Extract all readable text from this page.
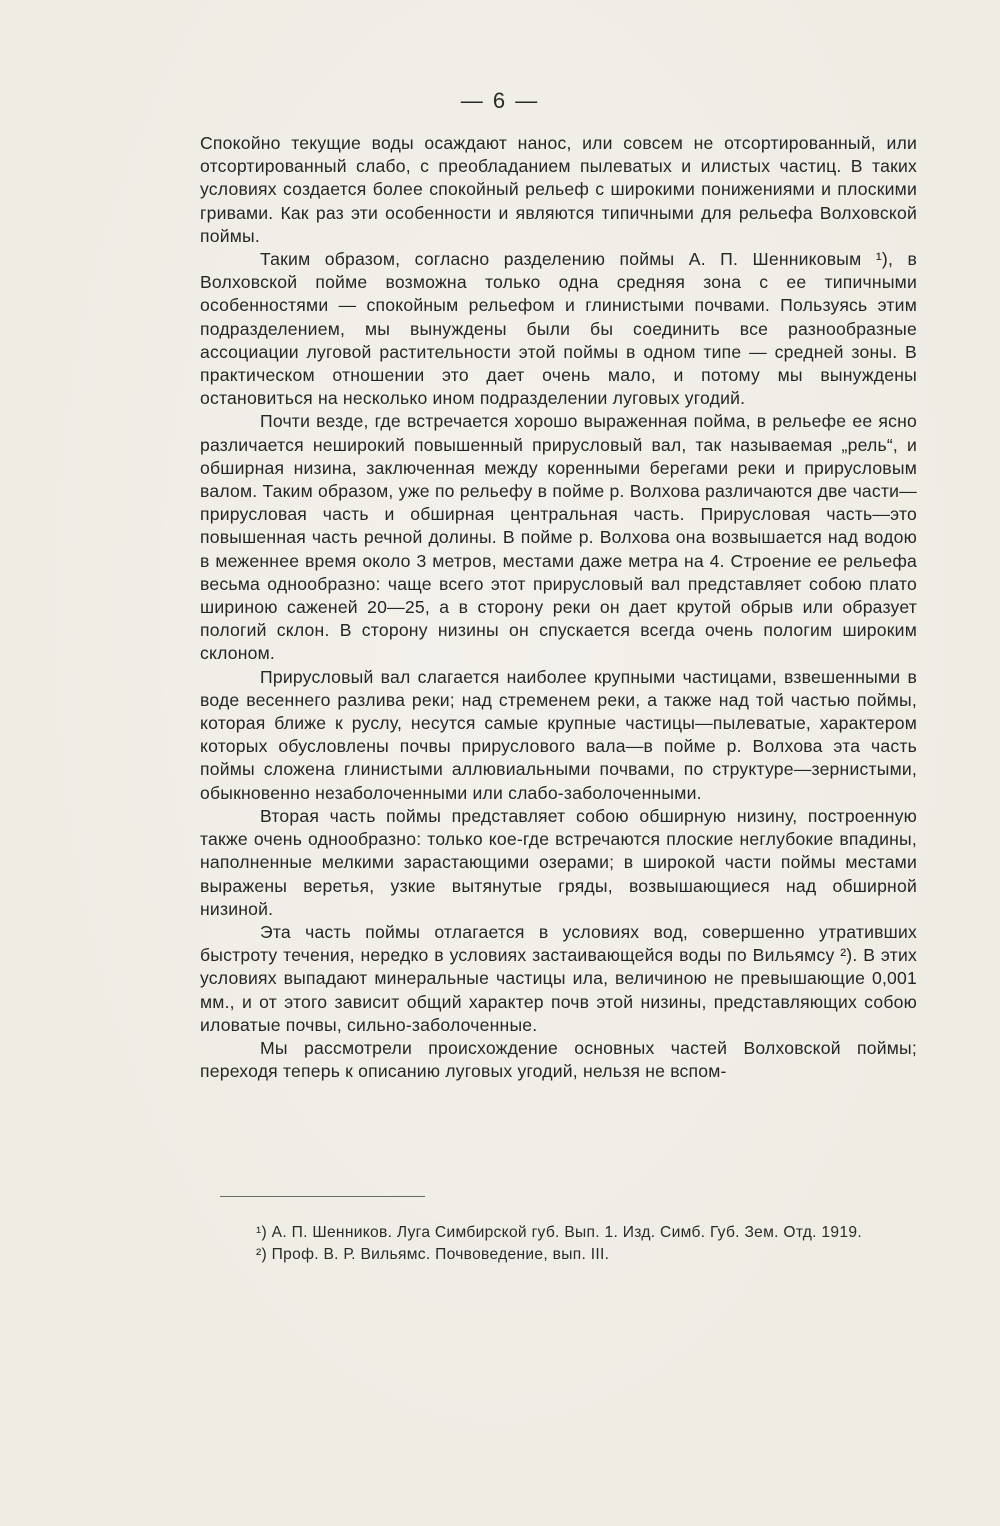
— 6 —

Спокойно текущие воды осаждают нанос, или совсем не отсортированный, или отсортированный слабо, с преобладанием пылеватых и илистых частиц. В таких условиях создается более спокойный рельеф с широкими понижениями и плоскими гривами. Как раз эти особенности и являются типичными для рельефа Волховской поймы.

Таким образом, согласно разделению поймы А. П. Шенниковым ¹), в Волховской пойме возможна только одна средняя зона с ее типичными особенностями — спокойным рельефом и глинистыми почвами. Пользуясь этим подразделением, мы вынуждены были бы соединить все разнообразные ассоциации луговой растительности этой поймы в одном типе — средней зоны. В практическом отношении это дает очень мало, и потому мы вынуждены остановиться на несколько ином подразделении луговых угодий.

Почти везде, где встречается хорошо выраженная пойма, в рельефе ее ясно различается неширокий повышенный прирусловый вал, так называемая „рель“, и обширная низина, заключенная между коренными берегами реки и прирусловым валом. Таким образом, уже по рельефу в пойме р. Волхова различаются две части—прирусловая часть и обширная центральная часть. Прирусловая часть—это повышенная часть речной долины. В пойме р. Волхова она возвышается над водою в меженнее время около 3 метров, местами даже метра на 4. Строение ее рельефа весьма однообразно: чаще всего этот прирусловый вал представляет собою плато шириною саженей 20—25, а в сторону реки он дает крутой обрыв или образует пологий склон. В сторону низины он спускается всегда очень пологим широким склоном.

Прирусловый вал слагается наиболее крупными частицами, взвешенными в воде весеннего разлива реки; над стременем реки, а также над той частью поймы, которая ближе к руслу, несутся самые крупные частицы—пылеватые, характером которых обусловлены почвы прируслового вала—в пойме р. Волхова эта часть поймы сложена глинистыми аллювиальными почвами, по структуре—зернистыми, обыкновенно незаболоченными или слабо-заболоченными.

Вторая часть поймы представляет собою обширную низину, построенную также очень однообразно: только кое-где встречаются плоские неглубокие впадины, наполненные мелкими зарастающими озерами; в широкой части поймы местами выражены веретья, узкие вытянутые гряды, возвышающиеся над обширной низиной.

Эта часть поймы отлагается в условиях вод, совершенно утративших быстроту течения, нередко в условиях застаивающейся воды по Вильямсу ²). В этих условиях выпадают минеральные частицы ила, величиною не превышающие 0,001 мм., и от этого зависит общий характер почв этой низины, представляющих собою иловатые почвы, сильно-заболоченные.

Мы рассмотрели происхождение основных частей Волховской поймы; переходя теперь к описанию луговых угодий, нельзя не вспом-

¹) А. П. Шенников. Луга Симбирской губ. Вып. 1. Изд. Симб. Губ. Зем. Отд. 1919.

²) Проф. В. Р. Вильямс. Почвоведение, вып. III.
